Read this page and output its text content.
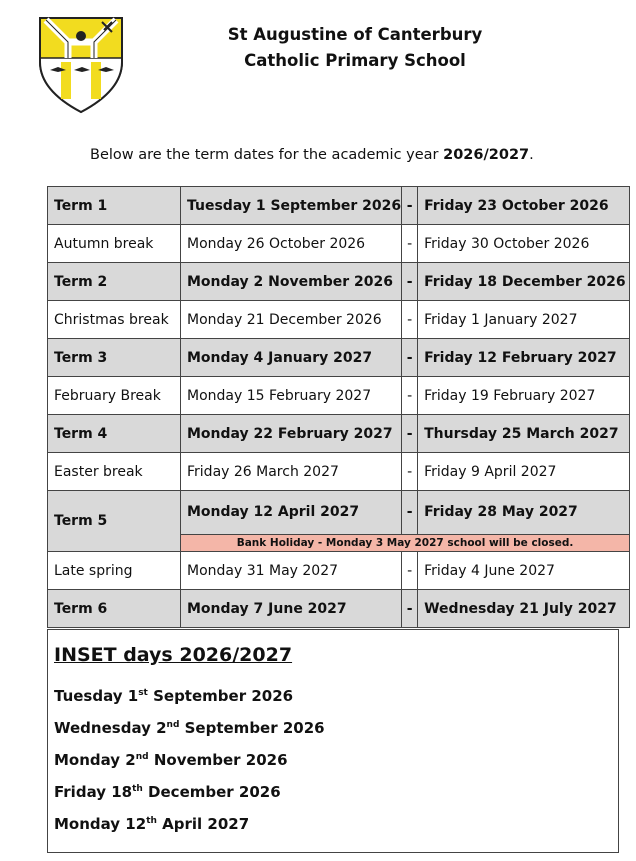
St Augustine of Canterbury
Catholic Primary School
Below are the term dates for the academic year 2026/2027.
Term 1	Tuesday 1 September 2026	-	Friday 23 October 2026
Autumn break	Monday 26 October 2026	-	Friday 30 October 2026
Term 2	Monday 2 November 2026	-	Friday 18 December 2026
Christmas break	Monday 21 December 2026	-	Friday 1 January 2027
Term 3	Monday 4 January 2027	-	Friday 12 February 2027
February Break	Monday 15 February 2027	-	Friday 19 February 2027
Term 4	Monday 22 February 2027	-	Thursday 25 March 2027
Easter break	Friday 26 March 2027	-	Friday 9 April 2027
Term 5	Monday 12 April 2027	-	Friday 28 May 2027
	Bank Holiday - Monday 3 May 2027 school will be closed.		
Late spring	Monday 31 May 2027	-	Friday 4 June 2027
Term 6	Monday 7 June 2027	-	Wednesday 21 July 2027
INSET days 2026/2027
Tuesday 1st September 2026
Wednesday 2nd September 2026
Monday 2nd November 2026
Friday 18th December 2026
Monday 12th April 2027
